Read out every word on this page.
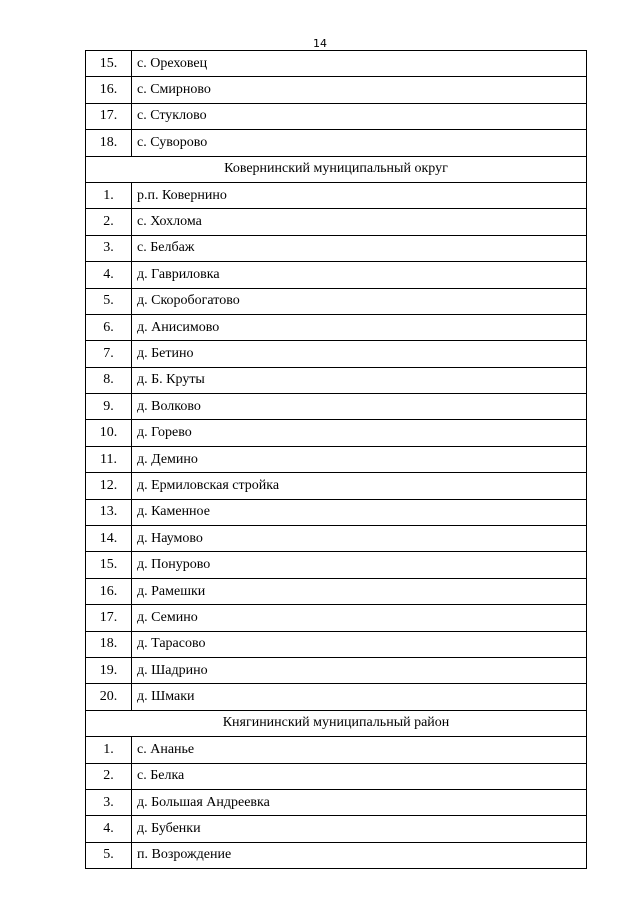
14
15.	с. Ореховец
16.	с. Смирново
17.	с. Стуклово
18.	с. Суворово
Ковернинский муниципальный округ	
1.	р.п. Ковернино
2.	с. Хохлома
3.	с. Белбаж
4.	д. Гавриловка
5.	д. Скоробогатово
6.	д. Анисимово
7.	д. Бетино
8.	д. Б. Круты
9.	д. Волково
10.	д. Горево
11.	д. Демино
12.	д. Ермиловская стройка
13.	д. Каменное
14.	д. Наумово
15.	д. Понурово
16.	д. Рамешки
17.	д. Семино
18.	д. Тарасово
19.	д. Шадрино
20.	д. Шмаки
Княгининский муниципальный район	
1.	с. Ананье
2.	с. Белка
3.	д. Большая Андреевка
4.	д. Бубенки
5.	п. Возрождение
